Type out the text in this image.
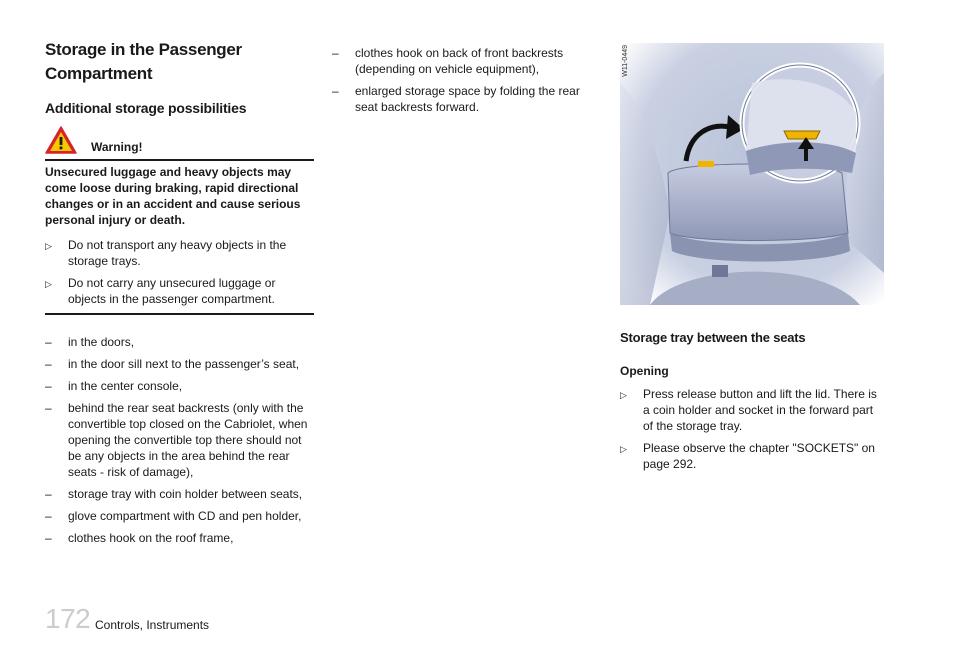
Storage in the Passenger
Compartment
Additional storage possibilities
Warning!
Unsecured luggage and heavy objects may come loose during braking, rapid directional changes or in an accident and cause serious personal injury or death.
▷ Do not transport any heavy objects in the storage trays.
▷ Do not carry any unsecured luggage or objects in the passenger compartment.
– in the doors,
– in the door sill next to the passenger’s seat,
– in the center console,
– behind the rear seat backrests (only with the convertible top closed on the Cabriolet, when opening the convertible top there should not be any objects in the area behind the rear seats - risk of damage),
– storage tray with coin holder between seats,
– glove compartment with CD and pen holder,
– clothes hook on the roof frame,
– clothes hook on back of front backrests (depending on vehicle equipment),
– enlarged storage space by folding the rear seat backrests forward.
W11-0449
Storage tray between the seats
Opening
▷ Press release button and lift the lid. There is a coin holder and socket in the forward part of the storage tray.
▷ Please observe the chapter "SOCKETS" on page 292.
172 Controls, Instruments
